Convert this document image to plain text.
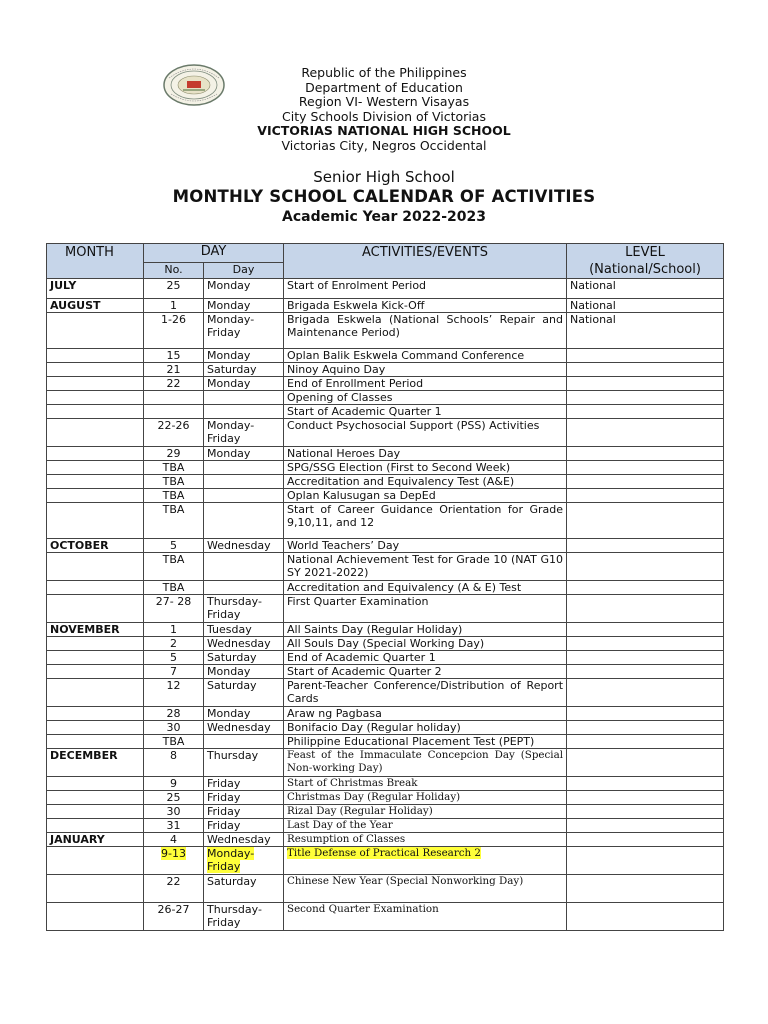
Republic of the Philippines
Department of Education
Region VI- Western Visayas
City Schools Division of Victorias
VICTORIAS NATIONAL HIGH SCHOOL
Victorias City, Negros Occidental
Senior High School
MONTHLY SCHOOL CALENDAR OF ACTIVITIES
Academic Year 2022-2023
MONTH	DAY		ACTIVITIES/EVENTS	LEVEL
(National/School)

	No.	Day		
JULY	25	Monday	Start of Enrolment Period	National
AUGUST	1	Monday	Brigada Eskwela Kick-Off	National
	1-26	Monday-Friday	Brigada Eskwela (National Schools’ Repair and Maintenance Period)	National
	15	Monday	Oplan Balik Eskwela Command Conference	
	21	Saturday	Ninoy Aquino Day	
	22	Monday	End of Enrollment Period	
			Opening of Classes	
			Start of Academic Quarter 1	
	22-26	Monday-Friday	Conduct Psychosocial Support (PSS) Activities	
	29	Monday	National Heroes Day	
	TBA		SPG/SSG Election (First to Second Week)	
	TBA		Accreditation and Equivalency Test (A&E)	
	TBA		Oplan Kalusugan sa DepEd	
	TBA		Start of Career Guidance Orientation for Grade 9,10,11, and 12	
OCTOBER	5	Wednesday	World Teachers’ Day	
	TBA		National Achievement Test for Grade 10 (NAT G10 SY 2021-2022)	
	TBA		Accreditation and Equivalency (A & E) Test	
	27- 28	Thursday-Friday	First Quarter Examination	
NOVEMBER	1	Tuesday	All Saints Day (Regular Holiday)	
	2	Wednesday	All Souls Day (Special Working Day)	
	5	Saturday	End of Academic Quarter 1	
	7	Monday	Start of Academic Quarter 2	
	12	Saturday	Parent-Teacher Conference/Distribution of Report Cards	
	28	Monday	Araw ng Pagbasa	
	30	Wednesday	Bonifacio Day (Regular holiday)	
	TBA		Philippine Educational Placement Test (PEPT)	
DECEMBER	8	Thursday	Feast of the Immaculate Concepcion Day (Special Non-working Day)	
	9	Friday	Start of Christmas Break	
	25	Friday	Christmas Day (Regular Holiday)	
	30	Friday	Rizal Day (Regular Holiday)	
	31	Friday	Last Day of the Year	
JANUARY	4	Wednesday	Resumption of Classes	
	9-13	Monday-Friday	Title Defense of Practical Research 2	
	22	Saturday	Chinese New Year (Special Nonworking Day)	
	26-27	Thursday-Friday	Second Quarter Examination	
